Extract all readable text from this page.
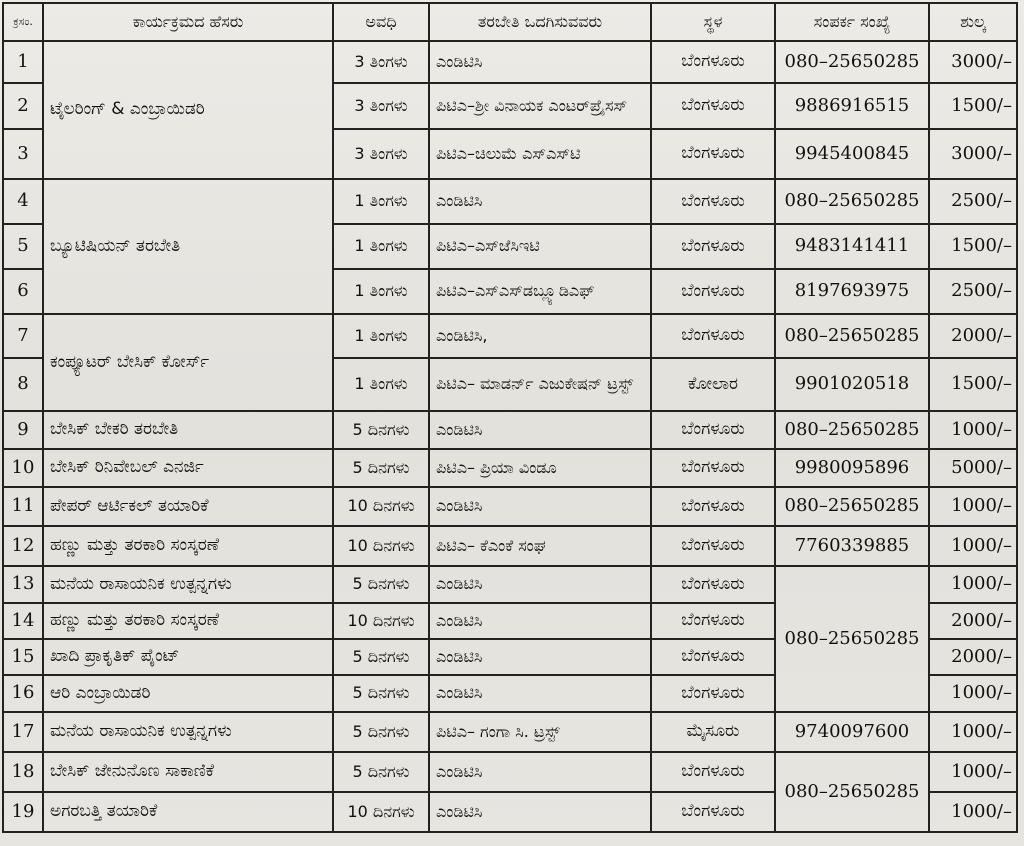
ಕ್ರಸಂ.	ಕಾರ್ಯಕ್ರಮದ ಹೆಸರು	ಅವಧಿ	ತರಬೇತಿ ಒದಗಿಸುವವರು	ಸ್ಥಳ	ಸಂಪರ್ಕ ಸಂಖ್ಯೆ	ಶುಲ್ಕ
1	ಟೈಲರಿಂಗ್ & ಎಂಬ್ರಾಯಿಡರಿ	3 ತಿಂಗಳು	ಎಂಡಿಟಿಸಿ	ಬೆಂಗಳೂರು	080–25650285	3000/–
2		3 ತಿಂಗಳು	ಪಿಟಿಎ–ಶ್ರೀ ವಿನಾಯಕ ಎಂಟರ್‌ಪ್ರೈಸಸ್	ಬೆಂಗಳೂರು	9886916515	1500/–
3		3 ತಿಂಗಳು	ಪಿಟಿಎ–ಚಿಲುಮೆ ಎಸ್‌ಎಸ್‌ಟಿ	ಬೆಂಗಳೂರು	9945400845	3000/–
4	ಬ್ಯೂಟಿಷಿಯನ್ ತರಬೇತಿ	1 ತಿಂಗಳು	ಎಂಡಿಟಿಸಿ	ಬೆಂಗಳೂರು	080–25650285	2500/–
5		1 ತಿಂಗಳು	ಪಿಟಿಎ–ಎಸ್‌ಜೆಸಿಇಟಿ	ಬೆಂಗಳೂರು	9483141411	1500/–
6		1 ತಿಂಗಳು	ಪಿಟಿಎ–ಎಸ್‌ಎಸ್‌ಡಬ್ಲ್ಯೂಡಿಎಫ್	ಬೆಂಗಳೂರು	8197693975	2500/–
7	ಕಂಪ್ಯೂಟರ್ ಬೇಸಿಕ್ ಕೋರ್ಸ್	1 ತಿಂಗಳು	ಎಂಡಿಟಿಸಿ,	ಬೆಂಗಳೂರು	080–25650285	2000/–
8		1 ತಿಂಗಳು	ಪಿಟಿಎ– ಮಾಡರ್ನ್ ಎಜುಕೇಷನ್ ಟ್ರಸ್ಟ್	ಕೋಲಾರ	9901020518	1500/–
9	ಬೇಸಿಕ್ ಬೇಕರಿ ತರಬೇತಿ	5 ದಿನಗಳು	ಎಂಡಿಟಿಸಿ	ಬೆಂಗಳೂರು	080–25650285	1000/–
10	ಬೇಸಿಕ್ ರಿನಿವೇಬಲ್ ಎನರ್ಜಿ	5 ದಿನಗಳು	ಪಿಟಿಎ– ಪ್ರಿಯಾ ವಿಂಡೂ	ಬೆಂಗಳೂರು	9980095896	5000/–
11	ಪೇಪರ್ ಆರ್ಟಿಕಲ್ ತಯಾರಿಕೆ	10 ದಿನಗಳು	ಎಂಡಿಟಿಸಿ	ಬೆಂಗಳೂರು	080–25650285	1000/–
12	ಹಣ್ಣು ಮತ್ತು ತರಕಾರಿ ಸಂಸ್ಕರಣೆ	10 ದಿನಗಳು	ಪಿಟಿಎ– ಕೆಎಂಕೆ ಸಂಘ	ಬೆಂಗಳೂರು	7760339885	1000/–
13	ಮನೆಯ ರಾಸಾಯನಿಕ ಉತ್ಪನ್ನಗಳು	5 ದಿನಗಳು	ಎಂಡಿಟಿಸಿ	ಬೆಂಗಳೂರು	080–25650285	1000/–
14	ಹಣ್ಣು ಮತ್ತು ತರಕಾರಿ ಸಂಸ್ಕರಣೆ	10 ದಿನಗಳು	ಎಂಡಿಟಿಸಿ	ಬೆಂಗಳೂರು		2000/–
15	ಖಾದಿ ಪ್ರಾಕೃತಿಕ್ ಪೈಂಟ್	5 ದಿನಗಳು	ಎಂಡಿಟಿಸಿ	ಬೆಂಗಳೂರು		2000/–
16	ಆರಿ ಎಂಬ್ರಾಯಿಡರಿ	5 ದಿನಗಳು	ಎಂಡಿಟಿಸಿ	ಬೆಂಗಳೂರು		1000/–
17	ಮನೆಯ ರಾಸಾಯನಿಕ ಉತ್ಪನ್ನಗಳು	5 ದಿನಗಳು	ಪಿಟಿಎ– ಗಂಗಾ ಸಿ. ಟ್ರಸ್ಟ್	ಮೈಸೂರು	9740097600	1000/–
18	ಬೇಸಿಕ್ ಜೇನುನೊಣ ಸಾಕಾಣಿಕೆ	5 ದಿನಗಳು	ಎಂಡಿಟಿಸಿ	ಬೆಂಗಳೂರು	080–25650285	1000/–
19	ಅಗರಬತ್ತಿ ತಯಾರಿಕೆ	10 ದಿನಗಳು	ಎಂಡಿಟಿಸಿ	ಬೆಂಗಳೂರು		1000/–
